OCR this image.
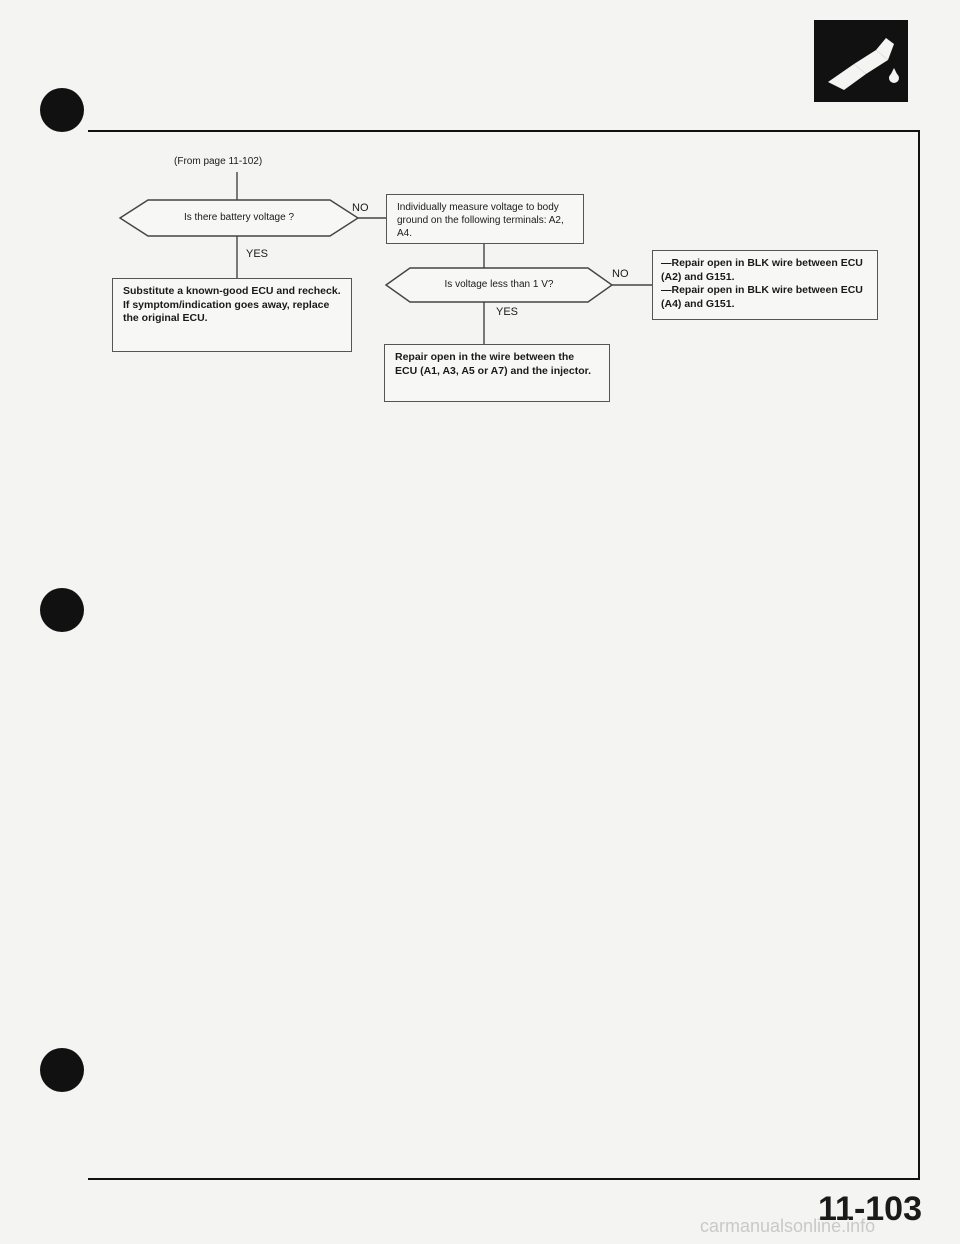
(From page 11-102)
Is there battery voltage ?
NO
YES
Individually measure voltage to body ground on the following terminals: A2, A4.
Substitute a known-good ECU and recheck. If symptom/indication goes away, replace the original ECU.
Is voltage less than 1 V?
NO
YES
—Repair open in BLK wire between ECU (A2) and G151.
—Repair open in BLK wire between ECU (A4) and G151.
Repair open in the wire between the ECU (A1, A3, A5 or A7) and the injector.
11-103
carmanualsonline.info
